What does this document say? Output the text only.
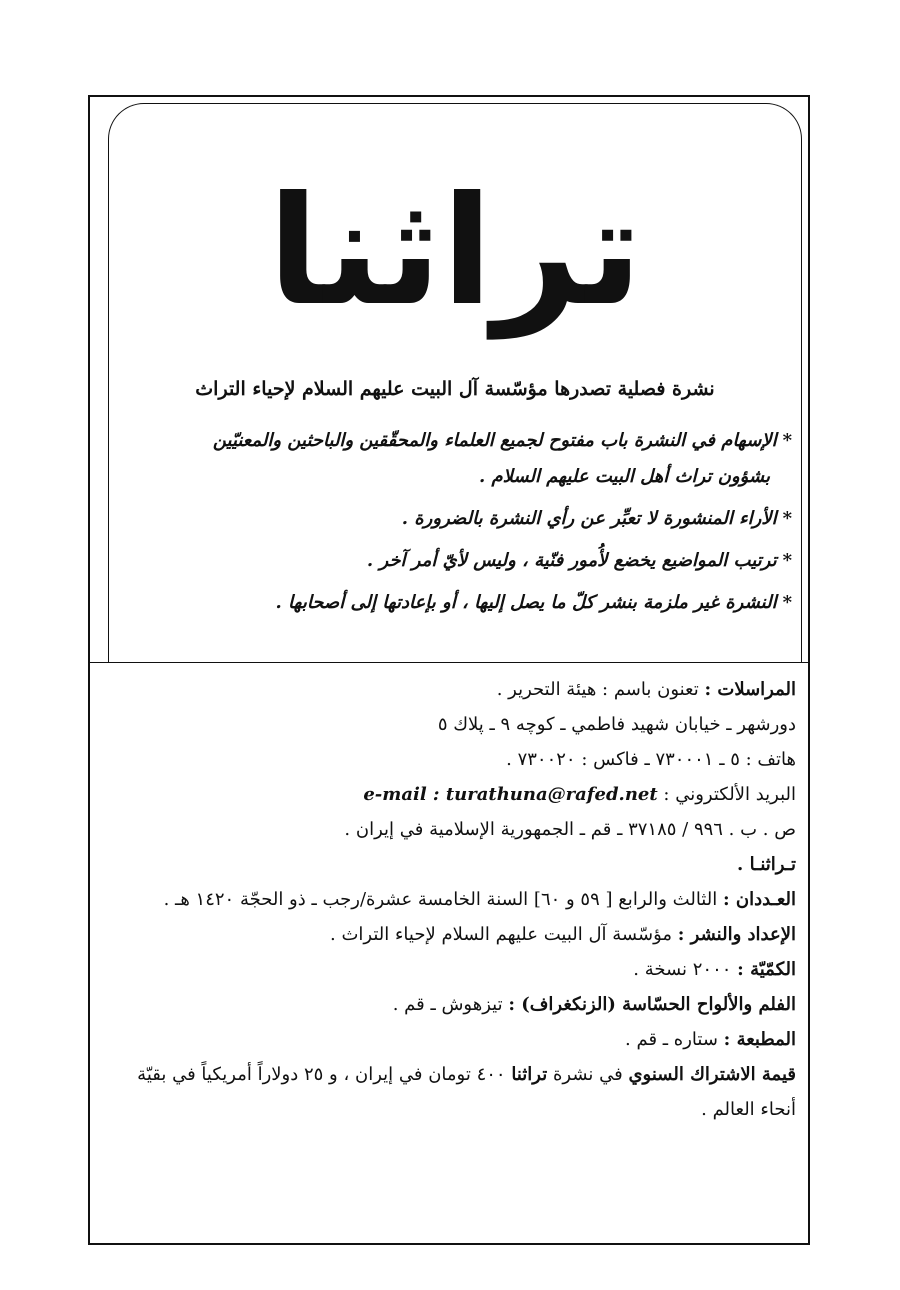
تراثنا
نشرة فصلية تصدرها مؤسّسة آل البيت عليهم السلام لإحياء التراث
*الإسهام في النشرة باب مفتوح لجميع العلماء والمحقّقين والباحثين والمعنيّين
بشؤون تراث أهل البيت عليهم السلام .
*الأراء المنشورة لا تعبِّر عن رأي النشرة بالضرورة .
*ترتيب المواضيع يخضع لأُمور فنّية ، وليس لأيّ أمر آخر .
*النشرة غير ملزمة بنشر كلّ ما يصل إليها ، أو بإعادتها إلى أصحابها .
المراسلات : تعنون باسم : هيئة التحرير .
دورشهر ـ خيابان شهيد فاطمي ـ كوچه ٩ ـ پلاك ٥
هاتف : ٥ ـ ٧٣٠٠٠١ ـ فاكس : ٧٣٠٠٢٠ .
البريد الألكتروني : e-mail : turathuna@rafed.net
ص . ب . ٩٩٦ / ٣٧١٨٥ ـ قم ـ الجمهورية الإسلامية في إيران .
تـراثنـا .
العـددان : الثالث والرابع [ ٥٩ و ٦٠] السنة الخامسة عشرة/رجب ـ ذو الحجّة ١٤٢٠ هـ .
الإعداد والنشر : مؤسّسة آل البيت عليهم السلام لإحياء التراث .
الكمّيّة : ٢٠٠٠ نسخة .
الفلم والألواح الحسّاسة (الزنكغراف) : تيزهوش ـ قم .
المطبعة : ستاره ـ قم .
قيمة الاشتراك السنوي في نشرة تراثنا ٤٠٠ تومان في إيران ، و ٢٥ دولاراً أمريكياً في بقيّة أنحاء العالم .
